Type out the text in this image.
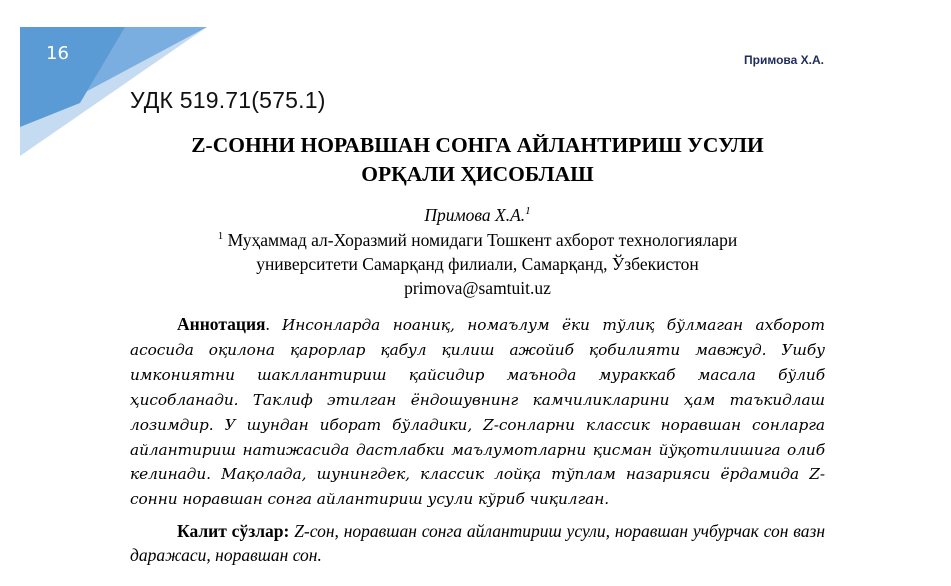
16	Примова Х.А.
УДК 519.71(575.1)
Z-СОННИ НОРАВШАН СОНГА АЙЛАНТИРИШ УСУЛИ
ОРҚАЛИ ҲИСОБЛАШ
Примова Х.А.$^1$
$^1$ Муҳаммад ал-Хоразмий номидаги Тошкент ахборот технологиялари
университети Самарқанд филиали, Самарқанд, Ўзбекистон
primova@samtuit.uz
Аннотация. Инсонларда ноаниқ, номаълум ёки тўлиқ бўлмаган ахборот асосида оқилона қарорлар қабул қилиш ажойиб қобилияти мавжуд. Ушбу имкониятни шакллантириш қайсидир маънода мураккаб масала бўлиб ҳисобланади. Таклиф этилган ёндошувнинг камчиликларини ҳам таъкидлаш лозимдир. У шундан иборат бўладики, Z-сонларни классик норавшан сонларга айлантириш натижасида дастлабки маълумотларни қисман йўқотилишига олиб келинади. Мақолада, шунингдек, классик лойқа тўплам назарияси ёрдамида Z-сонни норавшан сонга айлантириш усули кўриб чиқилган.
Калит сўзлар: Z-сон, норавшан сонга айлантириш усули, норавшан учбурчак сон вазн даражаси, норавшан сон.
